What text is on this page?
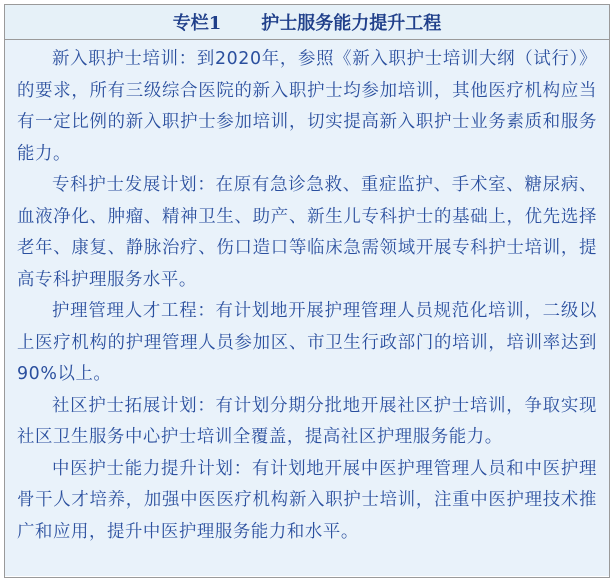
专栏1 护士服务能力提升工程

新入职护士培训：到2020年，参照《新入职护士培训大纲（试行）》的要求，所有三级综合医院的新入职护士均参加培训，其他医疗机构应当有一定比例的新入职护士参加培训，切实提高新入职护士业务素质和服务能力。

专科护士发展计划：在原有急诊急救、重症监护、手术室、糖尿病、血液净化、肿瘤、精神卫生、助产、新生儿专科护士的基础上，优先选择老年、康复、静脉治疗、伤口造口等临床急需领域开展专科护士培训，提高专科护理服务水平。

护理管理人才工程：有计划地开展护理管理人员规范化培训，二级以上医疗机构的护理管理人员参加区、市卫生行政部门的培训，培训率达到90%以上。

社区护士拓展计划：有计划分期分批地开展社区护士培训，争取实现社区卫生服务中心护士培训全覆盖，提高社区护理服务能力。

中医护士能力提升计划：有计划地开展中医护理管理人员和中医护理骨干人才培养，加强中医医疗机构新入职护士培训，注重中医护理技术推广和应用，提升中医护理服务能力和水平。
